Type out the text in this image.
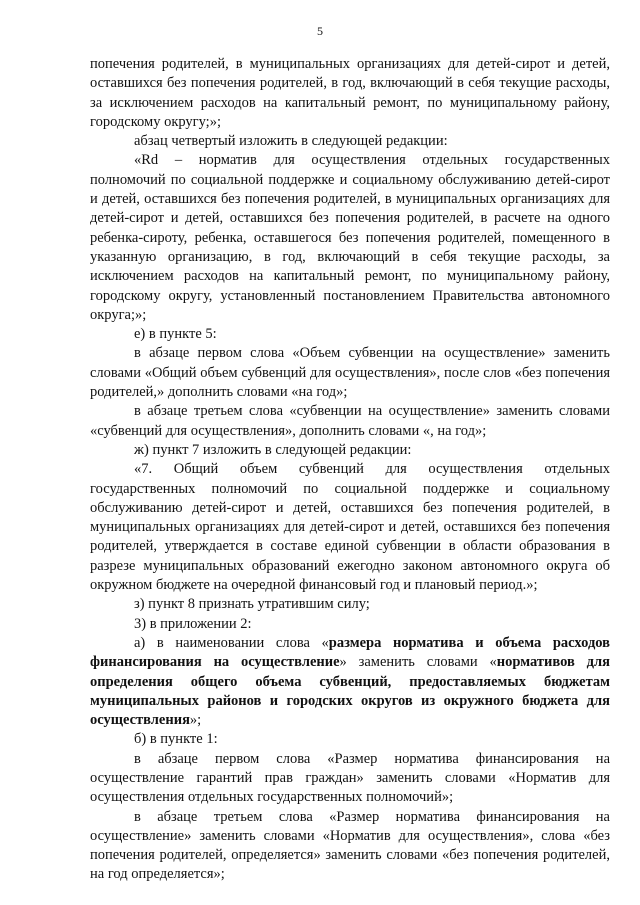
5

попечения родителей, в муниципальных организациях для детей-сирот и детей, оставшихся без попечения родителей, в год, включающий в себя текущие расходы, за исключением расходов на капитальный ремонт, по муниципальному району, городскому округу;»;

абзац четвертый изложить в следующей редакции:

«Rd – норматив для осуществления отдельных государственных полномочий по социальной поддержке и социальному обслуживанию детей-сирот и детей, оставшихся без попечения родителей, в муниципальных организациях для детей-сирот и детей, оставшихся без попечения родителей, в расчете на одного ребенка-сироту, ребенка, оставшегося без попечения родителей, помещенного в указанную организацию, в год, включающий в себя текущие расходы, за исключением расходов на капитальный ремонт, по муниципальному району, городскому округу, установленный постановлением Правительства автономного округа;»;

е) в пункте 5:

в абзаце первом слова «Объем субвенции на осуществление» заменить словами «Общий объем субвенций для осуществления», после слов «без попечения родителей,» дополнить словами «на год»;

в абзаце третьем слова «субвенции на осуществление» заменить словами «субвенций для осуществления», дополнить словами «, на год»;

ж) пункт 7 изложить в следующей редакции:

«7. Общий объем субвенций для осуществления отдельных государственных полномочий по социальной поддержке и социальному обслуживанию детей-сирот и детей, оставшихся без попечения родителей, в муниципальных организациях для детей-сирот и детей, оставшихся без попечения родителей, утверждается в составе единой субвенции в области образования в разрезе муниципальных образований ежегодно законом автономного округа об окружном бюджете на очередной финансовый год и плановый период.»;

з) пункт 8 признать утратившим силу;

3) в приложении 2:

а) в наименовании слова «размера норматива и объема расходов финансирования на осуществление» заменить словами «нормативов для определения общего объема субвенций, предоставляемых бюджетам муниципальных районов и городских округов из окружного бюджета для осуществления»;

б) в пункте 1:

в абзаце первом слова «Размер норматива финансирования на осуществление гарантий прав граждан» заменить словами «Норматив для осуществления отдельных государственных полномочий»;

в абзаце третьем слова «Размер норматива финансирования на осуществление» заменить словами «Норматив для осуществления», слова «без попечения родителей, определяется» заменить словами «без попечения родителей, на год определяется»;
